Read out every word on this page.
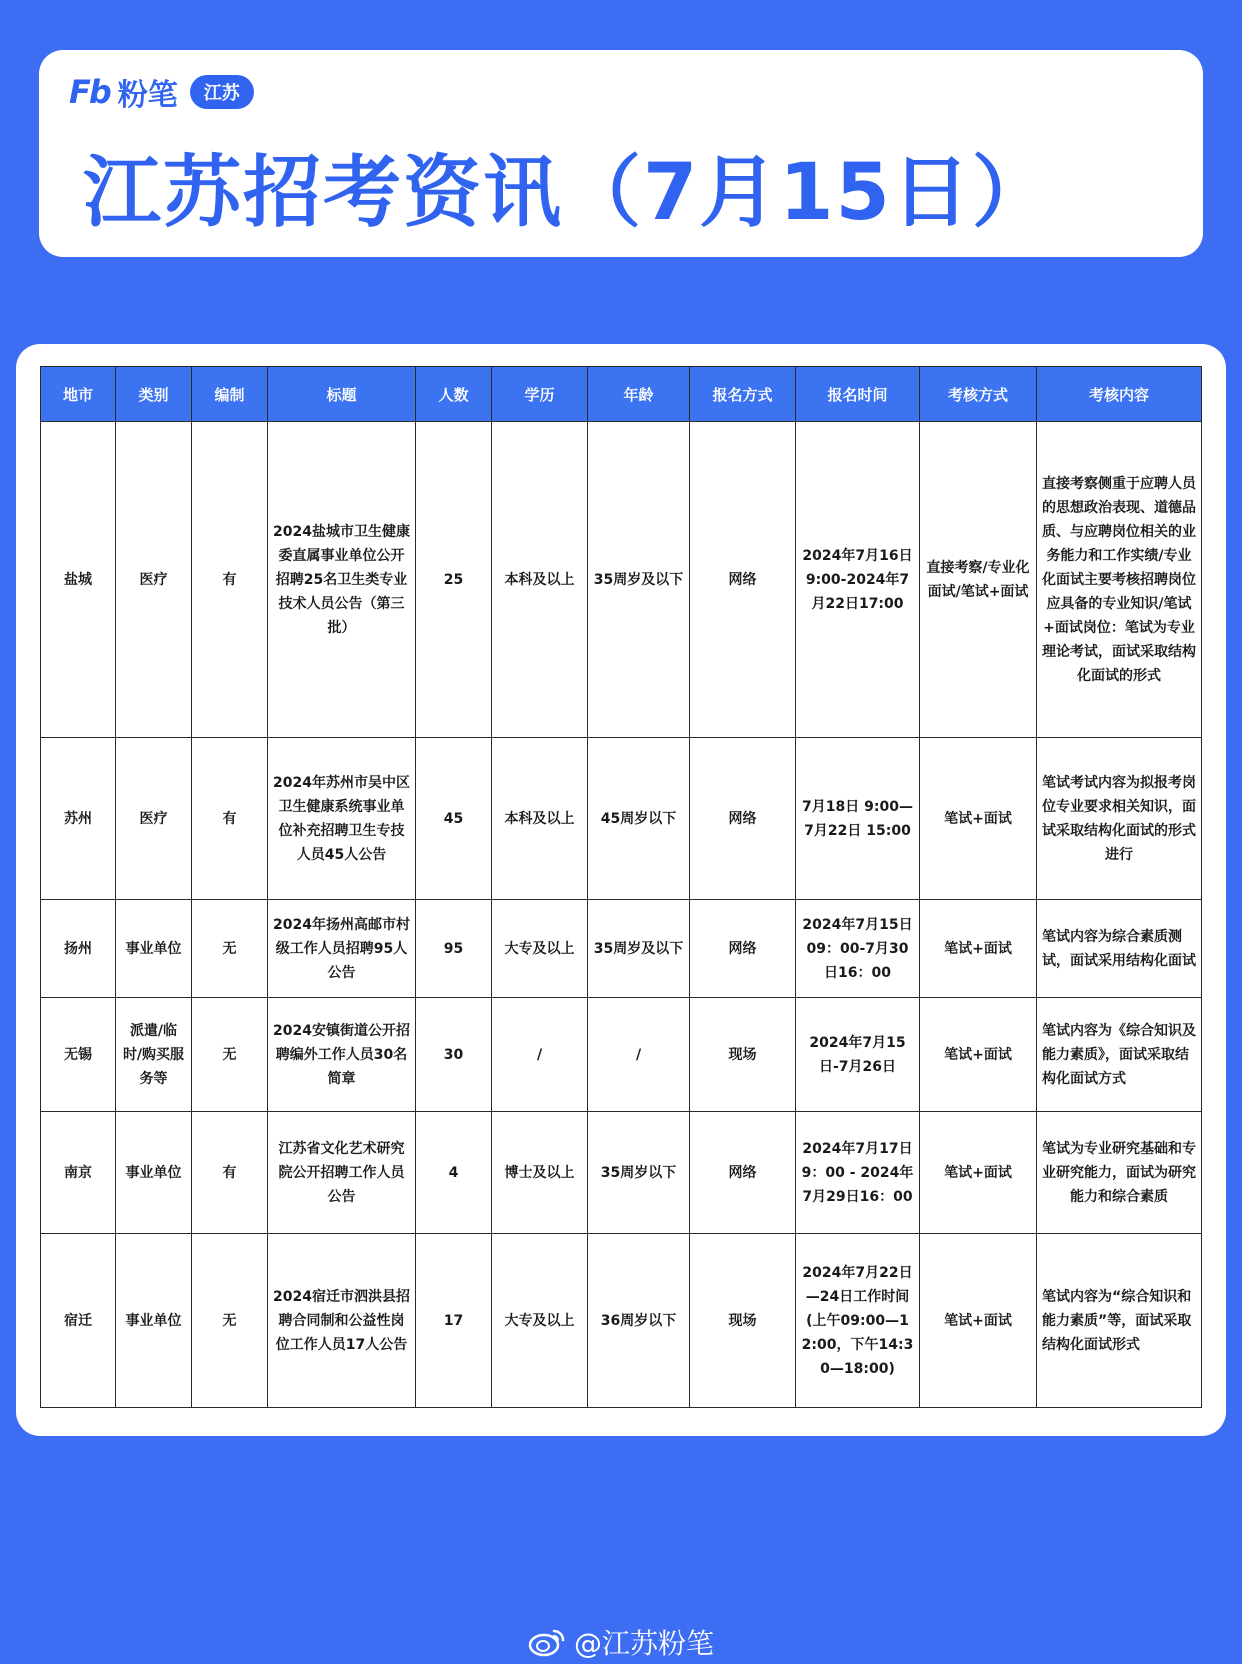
Fb 粉笔	江苏
江苏招考资讯（7月15日）
地市	类别	编制	标题	人数	学历	年龄	报名方式	报名时间	考核方式	考核内容
盐城	医疗	有	2024盐城市卫生健康委直属事业单位公开招聘25名卫生类专业技术人员公告（第三批）	25	本科及以上	35周岁及以下	网络	2024年7月16日9:00-2024年7月22日17:00	直接考察/专业化面试/笔试+面试	直接考察侧重于应聘人员的思想政治表现、道德品质、与应聘岗位相关的业务能力和工作实绩/专业化面试主要考核招聘岗位应具备的专业知识/笔试+面试岗位：笔试为专业理论考试，面试采取结构化面试的形式
苏州	医疗	有	2024年苏州市吴中区卫生健康系统事业单位补充招聘卫生专技人员45人公告	45	本科及以上	45周岁以下	网络	7月18日 9:00—7月22日 15:00	笔试+面试	笔试考试内容为拟报考岗位专业要求相关知识，面试采取结构化面试的形式进行
扬州	事业单位	无	2024年扬州高邮市村级工作人员招聘95人公告	95	大专及以上	35周岁及以下	网络	2024年7月15日09：00-7月30日16：00	笔试+面试	笔试内容为综合素质测试，面试采用结构化面试
无锡	派遣/临时/购买服务等	无	2024安镇街道公开招聘编外工作人员30名简章	30	/	/	现场	2024年7月15日-7月26日	笔试+面试	笔试内容为《综合知识及能力素质》，面试采取结构化面试方式
南京	事业单位	有	江苏省文化艺术研究院公开招聘工作人员公告	4	博士及以上	35周岁以下	网络	2024年7月17日9：00 - 2024年7月29日16：00	笔试+面试	笔试为专业研究基础和专业研究能力，面试为研究能力和综合素质
宿迁	事业单位	无	2024宿迁市泗洪县招聘合同制和公益性岗位工作人员17人公告	17	大专及以上	36周岁以下	现场	2024年7月22日—24日工作时间(上午09:00—12:00，下午14:30—18:00)	笔试+面试	笔试内容为“综合知识和能力素质”等，面试采取结构化面试形式
@江苏粉笔
